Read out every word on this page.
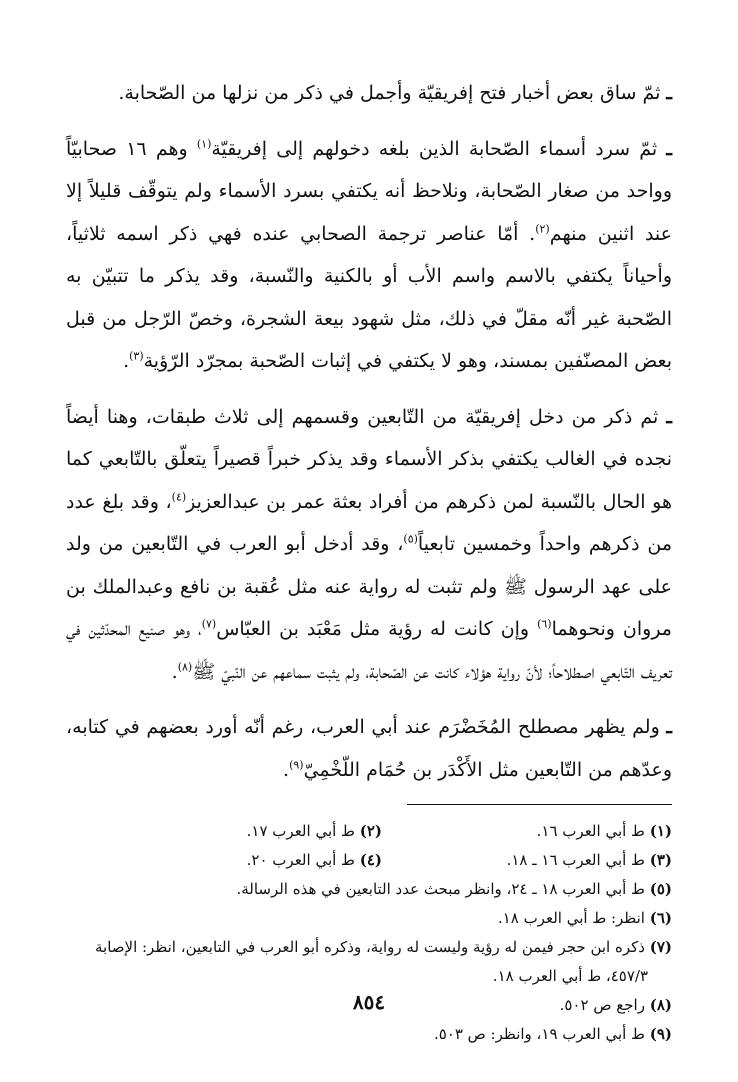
ـ ثمّ ساق بعض أخبار فتح إفريقيّة وأجمل في ذكر من نزلها من الصّحابة.

ـ ثمّ سرد أسماء الصّحابة الذين بلغه دخولهم إلى إفريقيّة$^{(١)}$ وهم ١٦ صحابيّاً وواحد من صغار الصّحابة، ونلاحظ أنه يكتفي بسرد الأسماء ولم يتوقّف قليلاً إلا عند اثنين منهم$^{(٢)}$. أمّا عناصر ترجمة الصحابي عنده فهي ذكر اسمه ثلاثياً، وأحياناً يكتفي بالاسم واسم الأب أو بالكنية والنّسبة، وقد يذكر ما تتبيّن به الصّحبة غير أنّه مقلّ في ذلك، مثل شهود بيعة الشجرة، وخصّ الرّجل من قبل بعض المصنّفين بمسند، وهو لا يكتفي في إثبات الصّحبة بمجرّد الرّؤية$^{(٣)}$.

ـ ثم ذكر من دخل إفريقيّة من التّابعين وقسمهم إلى ثلاث طبقات، وهنا أيضاً نجده في الغالب يكتفي بذكر الأسماء وقد يذكر خبراً قصيراً يتعلّق بالتّابعي كما هو الحال بالنّسبة لمن ذكرهم من أفراد بعثة عمر بن عبدالعزيز$^{(٤)}$، وقد بلغ عدد من ذكرهم واحداً وخمسين تابعياً$^{(٥)}$، وقد أدخل أبو العرب في التّابعين من ولد على عهد الرسول ﷺ ولم تثبت له رواية عنه مثل عُقبة بن نافع وعبدالملك بن مروان ونحوهما$^{(٦)}$ وإن كانت له رؤية مثل مَعْبَد بن العبّاس$^{(٧)}$، وهو صنيع المحدّثين في تعريف التّابعي اصطلاحاً؛ لأنّ رواية هؤلاء كانت عن الصّحابة، ولم يثبت سماعهم عن النّبيّ ﷺ$^{(٨)}$.

ـ ولم يظهر مصطلح المُخَضْرَم عند أبي العرب، رغم أنّه أورد بعضهم في كتابه، وعدّهم من التّابعين مثل الأَكْدَر بن حُمَام اللّخْمِيّ$^{(٩)}$.

(١) ط أبي العرب ١٦.
(٢) ط أبي العرب ١٧.
(٣) ط أبي العرب ١٦ ـ ١٨.
(٤) ط أبي العرب ٢٠.
(٥) ط أبي العرب ١٨ ـ ٢٤، وانظر مبحث عدد التابعين في هذه الرسالة.
(٦) انظر: ط أبي العرب ١٨.
(٧) ذكره ابن حجر فيمن له رؤية وليست له رواية، وذكره أبو العرب في التابعين، انظر: الإصابة ٤٥٧/٣، ط أبي العرب ١٨.
(٨) راجع ص ٥٠٢.
(٩) ط أبي العرب ١٩، وانظر: ص ٥٠٣.
٨٥٤
